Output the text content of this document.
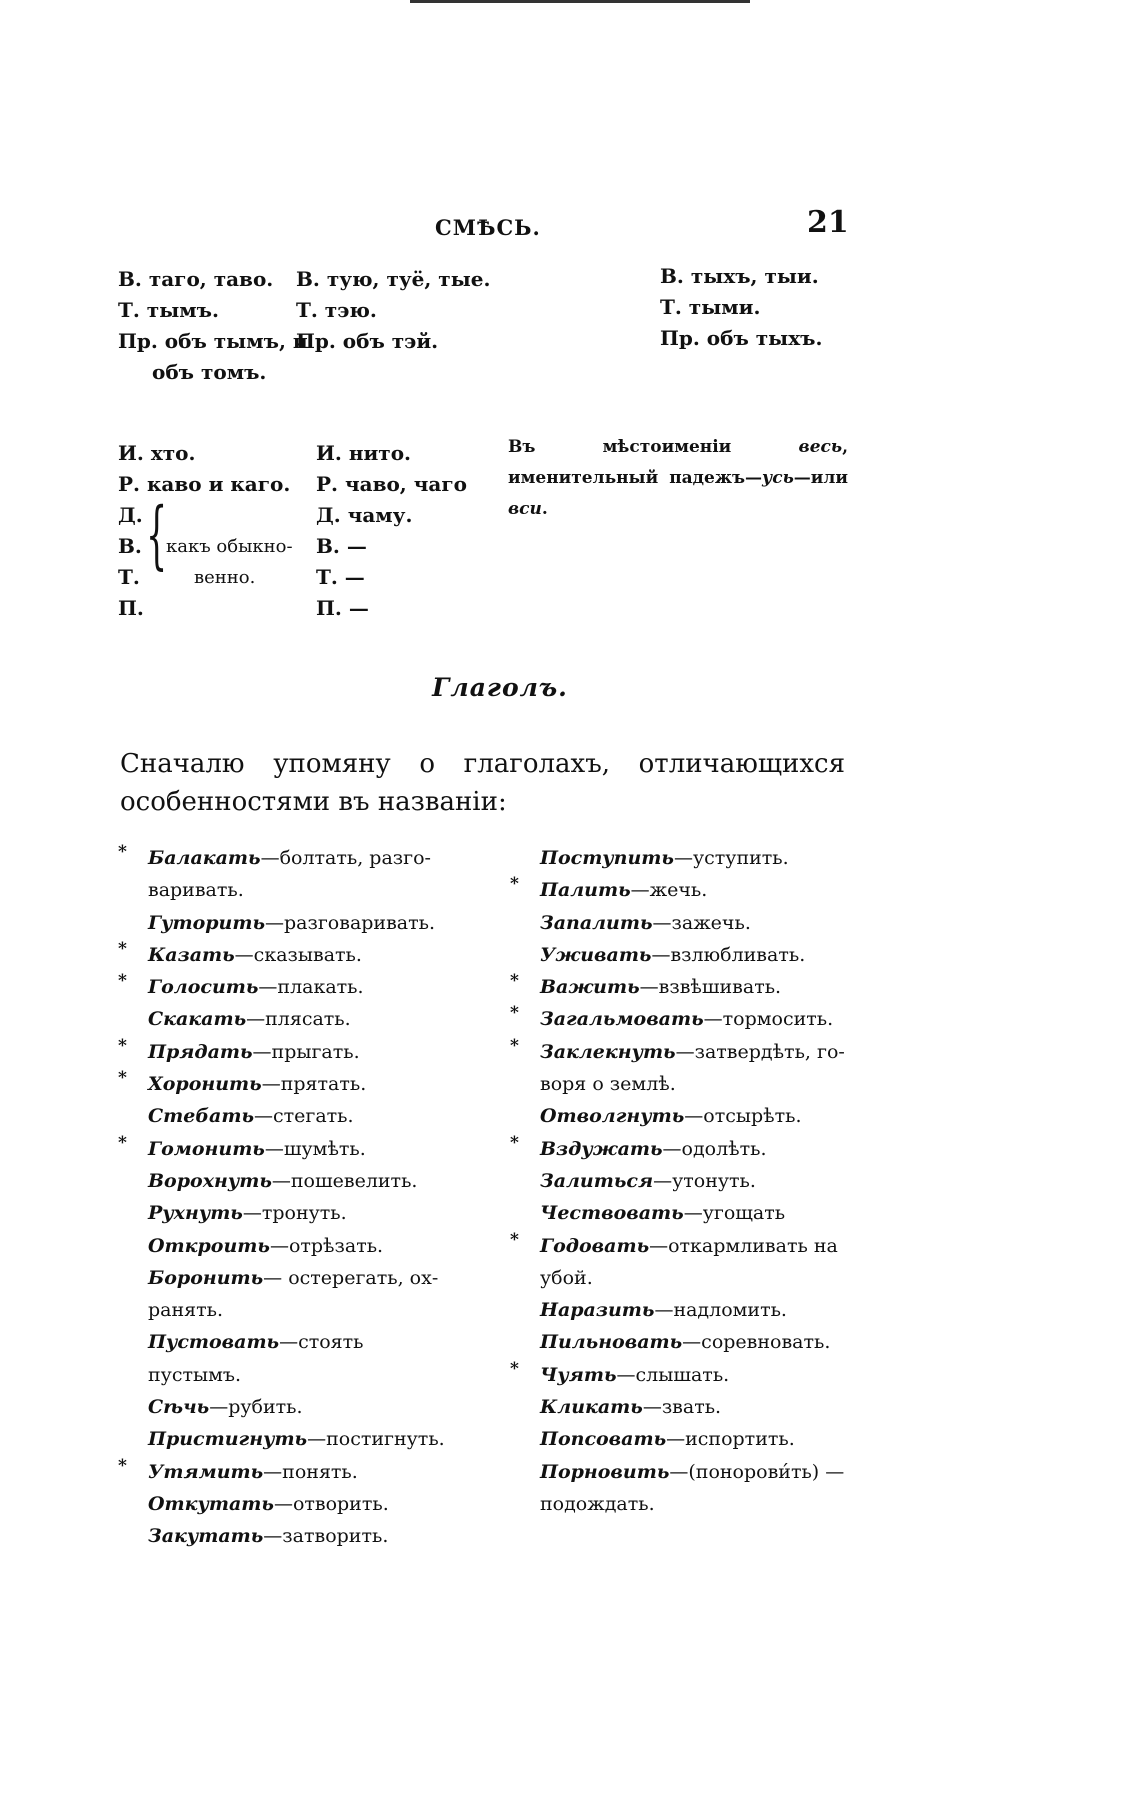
СМѢСЬ.	21
В. таго, таво.
Т. тымъ.
Пр. объ тымъ, и
объ томъ.
В. тую, туё, тые.
Т. тэю.
Пр. объ тэй.
В. тыхъ, тыи.
Т. тыми.
Пр. объ тыхъ.
И. хто.
Р. каво и каго.
Д.
В.
Т.
П.
{
какъ обыкно-
венно.
И. нито.
Р. чаво, чаго
Д. чаму.
В. —
Т. —
П. —
Въ мѣстоименіи	весь, именительный падежъ—усь—или вси.
Глаголъ.
Сначалю упомяну о глаголахъ, отличающихся особенностями въ названіи:
* Балакать—болтать, разго-
варивать.
Гуторить—разговаривать.
* Казать—сказывать.
* Голосить—плакать.
Скакать—плясать.
* Прядать—прыгать.
* Хоронить—прятать.
Стебать—стегать.
* Гомонить—шумѣть.
Ворохнуть—пошевелить.
Рухнуть—тронуть.
Откроить—отрѣзать.
Боронить— остерегать, ох-
ранять.
Пустовать—стоять пустымъ.
Сѣчь—рубить.
Пристигнуть—постигнуть.
* Утямить—понять.
Откутать—отворить.
Закутать—затворить.
Поступить—уступить.
* Палить—жечь.
Запалить—зажечь.
Уживать—взлюбливать.
* Важить—взвѣшивать.
* Загальмовать—тормосить.
* Заклекнуть—затвердѣть, го-
воря о землѣ.
Отволгнуть—отсырѣть.
* Вздужать—одолѣть.
Залиться—утонуть.
Чествовать—угощать
* Годовать—откармливать на
убой.
Наразить—надломить.
Пильновать—соревновать.
* Чуять—слышать.
Кликать—звать.
Попсовать—испортить.
Порновить—(понорови́ть) —
подождать.
